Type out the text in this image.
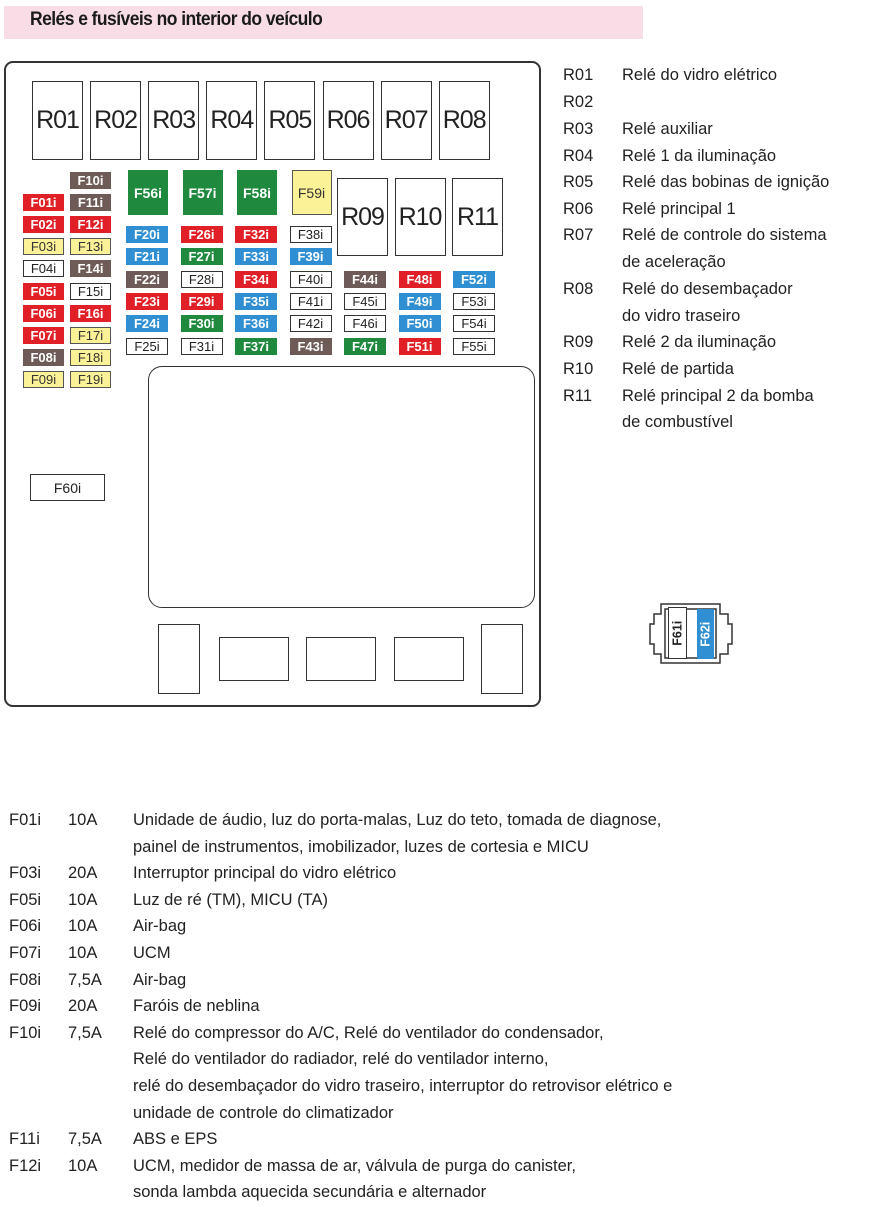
Relés e fusíveis no interior do veículo
R01 R02 R03 R04 R05 R06 R07 R08
R09 R10 R11
F56i	F57i	F58i	F59i
F10i
F01i	F11i
F02i	F12i
F03i	F13i
F04i	F14i
F05i	F15i
F06i	F16i
F07i	F17i
F08i	F18i
F09i	F19i
F20i	F26i	F32i	F38i
F21i	F27i	F33i	F39i
F22i	F28i	F34i	F40i	F44i	F48i	F52i
F23i	F29i	F35i	F41i	F45i	F49i	F53i
F24i	F30i	F36i	F42i	F46i	F50i	F54i
F25i	F31i	F37i	F43i	F47i	F51i	F55i
F60i
F61i F62i
R01 Relé do vidro elétrico
R02
R03 Relé auxiliar
R04 Relé 1 da iluminação
R05 Relé das bobinas de ignição
R06 Relé principal 1
R07 Relé de controle do sistema
de aceleração
R08 Relé do desembaçador
do vidro traseiro
R09 Relé 2 da iluminação
R10 Relé de partida
R11 Relé principal 2 da bomba
de combustível
F01i 10A Unidade de áudio, luz do porta-malas, Luz do teto, tomada de diagnose,
painel de instrumentos, imobilizador, luzes de cortesia e MICU
F03i 20A Interruptor principal do vidro elétrico
F05i 10A Luz de ré (TM), MICU (TA)
F06i 10A Air-bag
F07i 10A UCM
F08i 7,5A Air-bag
F09i 20A Faróis de neblina
F10i 7,5A Relé do compressor do A/C, Relé do ventilador do condensador,
Relé do ventilador do radiador, relé do ventilador interno,
relé do desembaçador do vidro traseiro, interruptor do retrovisor elétrico e
unidade de controle do climatizador
F11i 7,5A ABS e EPS
F12i 10A UCM, medidor de massa de ar, válvula de purga do canister,
sonda lambda aquecida secundária e alternador
